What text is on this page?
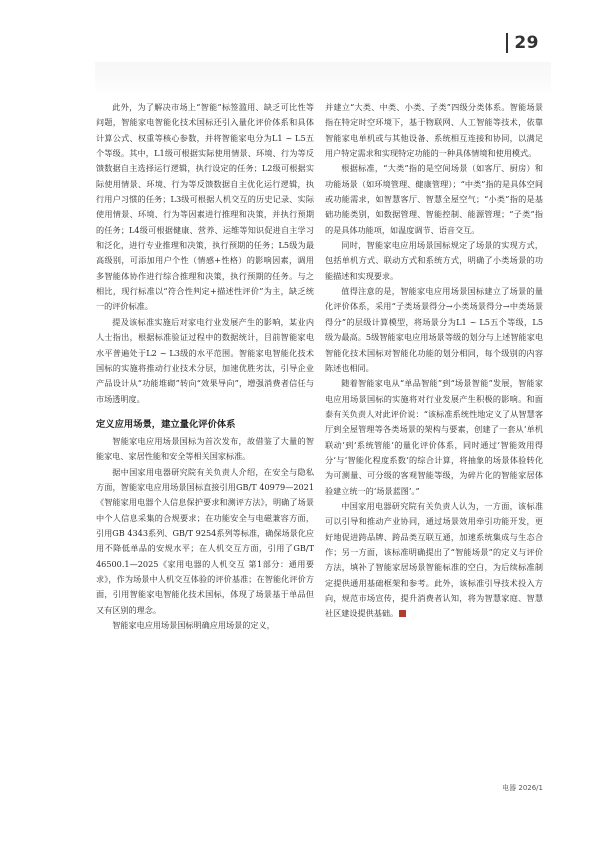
29

此外，为了解决市场上“智能”标签滥用、缺乏可比性等问题，智能家电智能化技术国标还引入量化评价体系和具体计算公式、权重等核心参数，并将智能家电分为L1 ~ L5五个等级。其中，L1级可根据实际使用情景、环境、行为等反馈数据自主选择运行逻辑，执行设定的任务；L2级可根据实际使用情景、环境、行为等反馈数据自主优化运行逻辑，执行用户习惯的任务；L3级可根据人机交互的历史记录、实际使用情景、环境、行为等因素进行推理和决策，并执行预期的任务；L4级可根据健康、营养、运维等知识促进自主学习和泛化，进行专业推理和决策，执行预期的任务；L5级为最高级别，可添加用户个性（情感+性格）的影响因素，调用多智能体协作进行综合推理和决策，执行预期的任务。与之相比，现行标准以“符合性判定+描述性评价”为主，缺乏统一的评价标准。

提及该标准实施后对家电行业发展产生的影响，某业内人士指出，根据标准验证过程中的数据统计，目前智能家电水平普遍处于L2 ~ L3级的水平范围。智能家电智能化技术国标的实施将推动行业技术分层，加速优胜劣汰，引导企业产品设计从“功能堆砌”转向“效果导向”，增强消费者信任与市场透明度。

定义应用场景，建立量化评价体系

智能家电应用场景国标为首次发布，故借鉴了大量的智能家电、家居性能和安全等相关国家标准。

据中国家用电器研究院有关负责人介绍，在安全与隐私方面，智能家电应用场景国标直接引用GB/T 40979—2021《智能家用电器个人信息保护要求和测评方法》，明确了场景中个人信息采集的合规要求；在功能安全与电磁兼容方面，引用GB 4343系列、GB/T 9254系列等标准，确保场景化应用不降低单品的安规水平；在人机交互方面，引用了GB/T 46500.1—2025《家用电器的人机交互 第1部分：通用要求》，作为场景中人机交互体验的评价基准；在智能化评价方面，引用智能家电智能化技术国标，体现了场景基于单品但又有区别的理念。

智能家电应用场景国标明确应用场景的定义，

并建立“大类、中类、小类、子类”四级分类体系。智能场景指在特定时空环境下，基于物联网、人工智能等技术，依靠智能家电单机或与其他设备、系统相互连接和协同，以满足用户特定需求和实现特定功能的一种具体情境和使用模式。

根据标准，“大类”指的是空间场景（如客厅、厨房）和功能场景（如环境管理、健康管理）；“中类”指的是具体空间或功能需求，如智慧客厅、智慧全屋空气；“小类”指的是基础功能类别，如数据管理、智能控制、能源管理；“子类”指的是具体功能项，如温度调节、语音交互。

同时，智能家电应用场景国标规定了场景的实现方式，包括单机方式、联动方式和系统方式，明确了小类场景的功能描述和实现要求。

值得注意的是，智能家电应用场景国标建立了场景的量化评价体系，采用“子类场景得分→小类场景得分→中类场景得分”的层级计算模型，将场景分为L1 ~ L5五个等级，L5级为最高。5级智能家电应用场景等级的划分与上述智能家电智能化技术国标对智能化功能的划分相同，每个级别的内容陈述也相同。

随着智能家电从“单品智能”到“场景智能”发展，智能家电应用场景国标的实施将对行业发展产生积极的影响。和面泰有关负责人对此评价说：“该标准系统性地定义了从智慧客厅到全屋管理等各类场景的架构与要素，创建了一套从‘单机联动’到‘系统管能’的量化评价体系，同时通过‘智能效用得分’与‘智能化程度系数’的综合计算，将抽象的场景体验转化为可测量、可分级的客观智能等级，为碎片化的智能家居体验建立统一的‘场景蓝图’。”

中国家用电器研究院有关负责人认为，一方面，该标准可以引导和推动产业协同，通过场景效用牵引功能开发，更好地促进跨品牌、跨品类互联互通，加速系统集成与生态合作；另一方面，该标准明确提出了“智能场景”的定义与评价方法，填补了智能家居场景智能标准的空白，为后续标准制定提供通用基础框架和参考。此外，该标准引导技术投入方向，规范市场宣传，提升消费者认知，将为智慧家庭、智慧社区建设提供基础。

电器 2026/1
